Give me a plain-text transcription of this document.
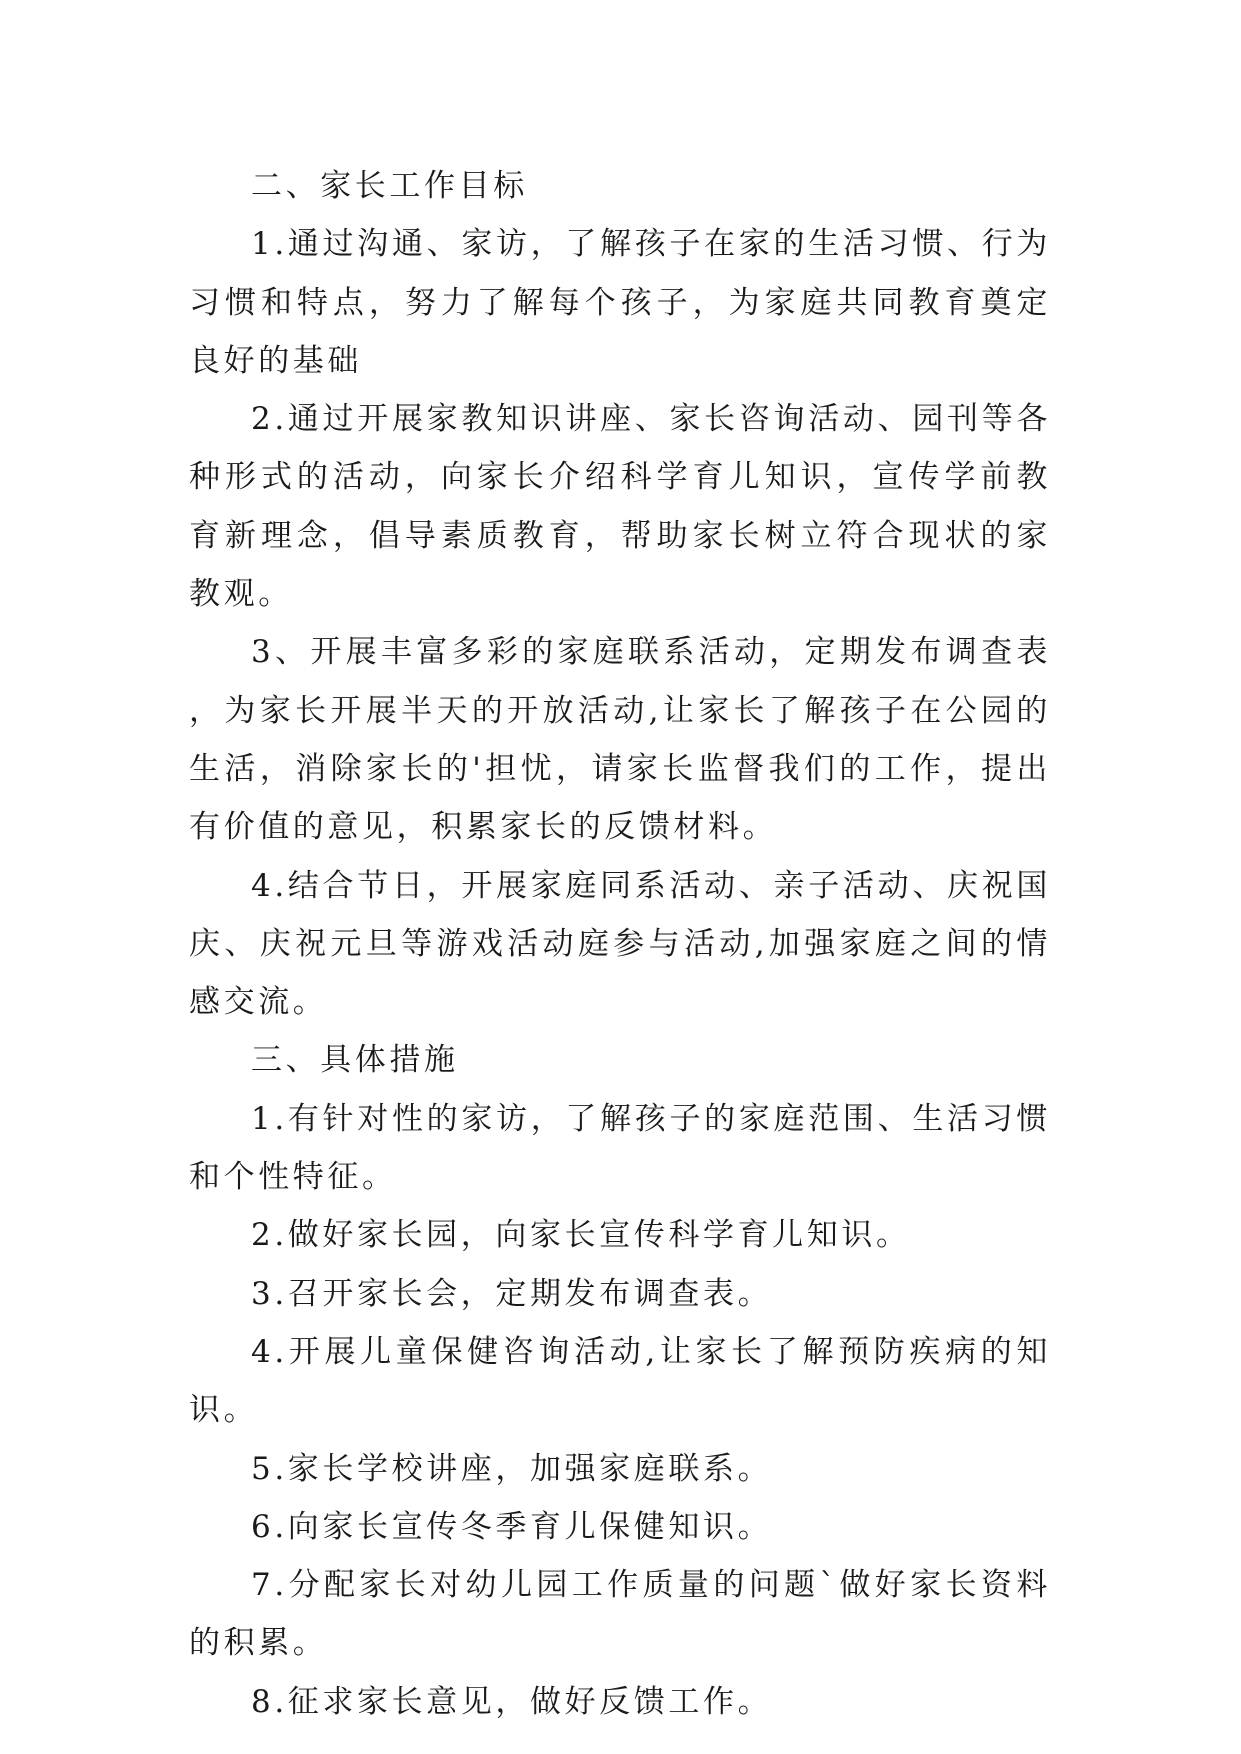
二、家长工作目标

1.通过沟通、家访，了解孩子在家的生活习惯、行为习惯和特点，努力了解每个孩子，为家庭共同教育奠定良好的基础

2.通过开展家教知识讲座、家长咨询活动、园刊等各种形式的活动，向家长介绍科学育儿知识，宣传学前教育新理念，倡导素质教育，帮助家长树立符合现状的家教观。

3、开展丰富多彩的家庭联系活动，定期发布调查表，为家长开展半天的开放活动,让家长了解孩子在公园的生活，消除家长的'担忧，请家长监督我们的工作，提出有价值的意见，积累家长的反馈材料。

4.结合节日，开展家庭同系活动、亲子活动、庆祝国庆、庆祝元旦等游戏活动庭参与活动,加强家庭之间的情感交流。

三、具体措施

1.有针对性的家访，了解孩子的家庭范围、生活习惯和个性特征。

2.做好家长园，向家长宣传科学育儿知识。

3.召开家长会，定期发布调查表。

4.开展儿童保健咨询活动,让家长了解预防疾病的知识。

5.家长学校讲座，加强家庭联系。

6.向家长宣传冬季育儿保健知识。

7.分配家长对幼儿园工作质量的问题`做好家长资料的积累。

8.征求家长意见，做好反馈工作。
